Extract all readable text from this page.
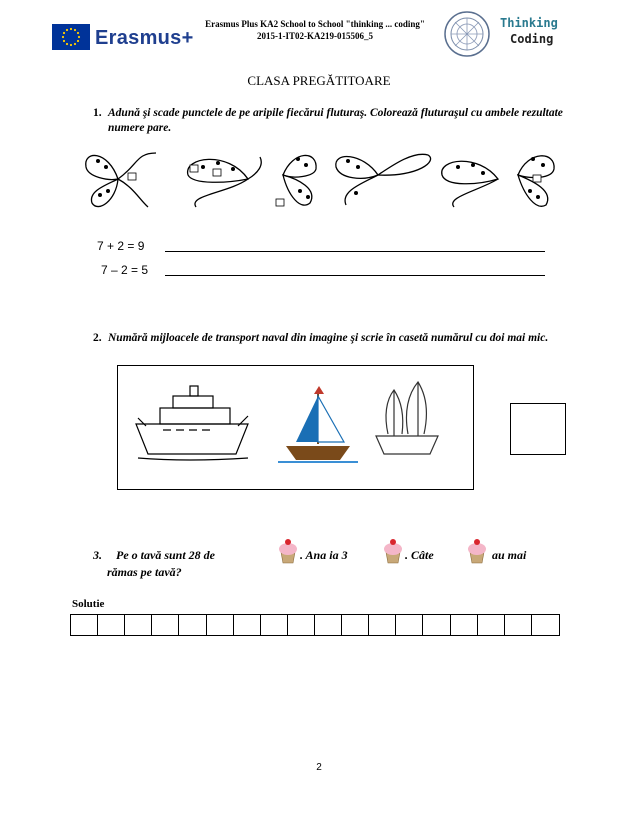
Erasmus+
Erasmus Plus KA2 School to School "thinking ... coding"
2015-1-IT02-KA219-015506_5
Thinking
Coding
CLASA PREGĂTITOARE
1. Adună şi scade punctele de pe aripile fiecărui fluturaş. Colorează fluturaşul cu ambele rezultate numere pare.
7 + 2 = 9
7 – 2 = 5
2. Numără mijloacele de transport naval din imagine şi scrie în casetă numărul cu doi mai mic.
3. Pe o tavă sunt 28 de	. Ana ia 3	. Câte	au mai
rămas pe tavă?
Solutie
2
